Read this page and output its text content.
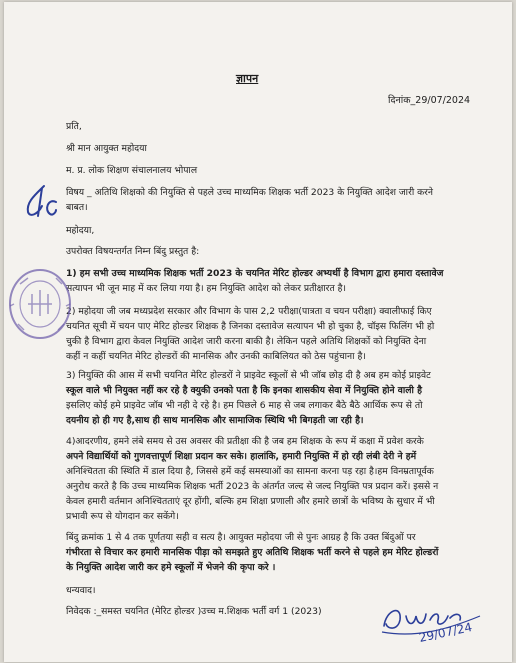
ज्ञापन

दिनांक_29/07/2024

प्रति,

श्री मान आयुक्त महोदया

म. प्र. लोक शिक्षण संचालनालय भोपाल

विषय _ अतिथि शिक्षको की नियुक्ति से पहले उच्च माध्यमिक शिक्षक भर्ती 2023 के नियुक्ति आदेश जारी करने
बाबत।

महोदया,

उपरोक्त विषयन्तर्गत निम्न बिंदु प्रस्तुत है:

1) हम सभी उच्च माध्यमिक शिक्षक भर्ती 2023 के चयनित मेरिट होल्डर अभ्यर्थी है विभाग द्वारा हमारा दस्तावेज
सत्यापन भी जून माह में कर लिया गया है। हम नियुक्ति आदेश को लेकर प्रतीक्षारत है।
2) महोदया जी जब मध्यप्रदेश सरकार और विभाग के पास 2,2 परीक्षा(पात्रता व चयन परीक्षा) क्वालीफाई किए
चयनित सूची में चयन पाए मेरिट होल्डर शिक्षक है जिनका दस्तावेज सत्यापन भी हो चुका है, चॉइस फिलिंग भी हो
चुकी है विभाग द्वारा केवल नियुक्ति आदेश जारी करना बाकी है। लेकिन पहले अतिथि शिक्षकों को नियुक्ति देना
कहीं न कहीं चयनित मेरिट होल्डरों की मानसिक और उनकी काबिलियत को ठेस पहुंचाना है।
3) नियुक्ति की आस में सभी चयनित मेरिट होल्डरों ने प्राइवेट स्कूलों से भी जॉब छोड़ दी है अब हम कोई प्राइवेट
स्कूल वाले भी नियुक्त नहीं कर रहे है क्युकी उनको पता है कि इनका शासकीय सेवा में नियुक्ति होने वाली है
इसलिए कोई हमे प्राइवेट जॉब भी नही दे रहे है। हम पिछले 6 माह से जब लगाकर बैठे बैठे आर्थिक रूप से तो
दयनीय हो ही गए है,साथ ही साथ मानसिक और सामाजिक स्थिथि भी बिगड़ती जा रही है।
4)आदरणीय, हमने लंबे समय से उस अवसर की प्रतीक्षा की है जब हम शिक्षक के रूप में कक्षा में प्रवेश करके
अपने विद्यार्थियों को गुणवत्तापूर्ण शिक्षा प्रदान कर सके। हालांकि, हमारी नियुक्ति में हो रही लंबी देरी ने हमें
अनिश्चितता की स्थिति में डाल दिया है, जिससे हमें कई समस्याओं का सामना करना पड़ रहा है।हम विनम्रतापूर्वक
अनुरोध करते है कि उच्च माध्यमिक शिक्षक भर्ती 2023 के अंतर्गत जल्द से जल्द नियुक्ति पत्र प्रदान करें। इससे न
केवल हमारी वर्तमान अनिश्चितताएं दूर होंगी, बल्कि हम शिक्षा प्रणाली और हमारे छात्रों के भविष्य के सुधार में भी
प्रभावी रूप से योगदान कर सकेंगे।
बिंदु क्रमांक 1 से 4 तक पूर्णतया सही व सत्य है। आयुक्त महोदया जी से पुनः आग्रह है कि उक्त बिंदुओं पर
गंभीरता से विचार कर हमारी मानसिक पीड़ा को समझते हुए अतिथि शिक्षक भर्ती करने से पहले हम मेरिट होल्डरों
के नियुक्ति आदेश जारी कर हमे स्कूलों में भेजने की कृपा करे ।

धन्यवाद।

निवेदक :_समस्त चयनित (मेरिट होल्डर )उच्च म.शिक्षक भर्ती वर्ग 1 (2023)

29/07/24
